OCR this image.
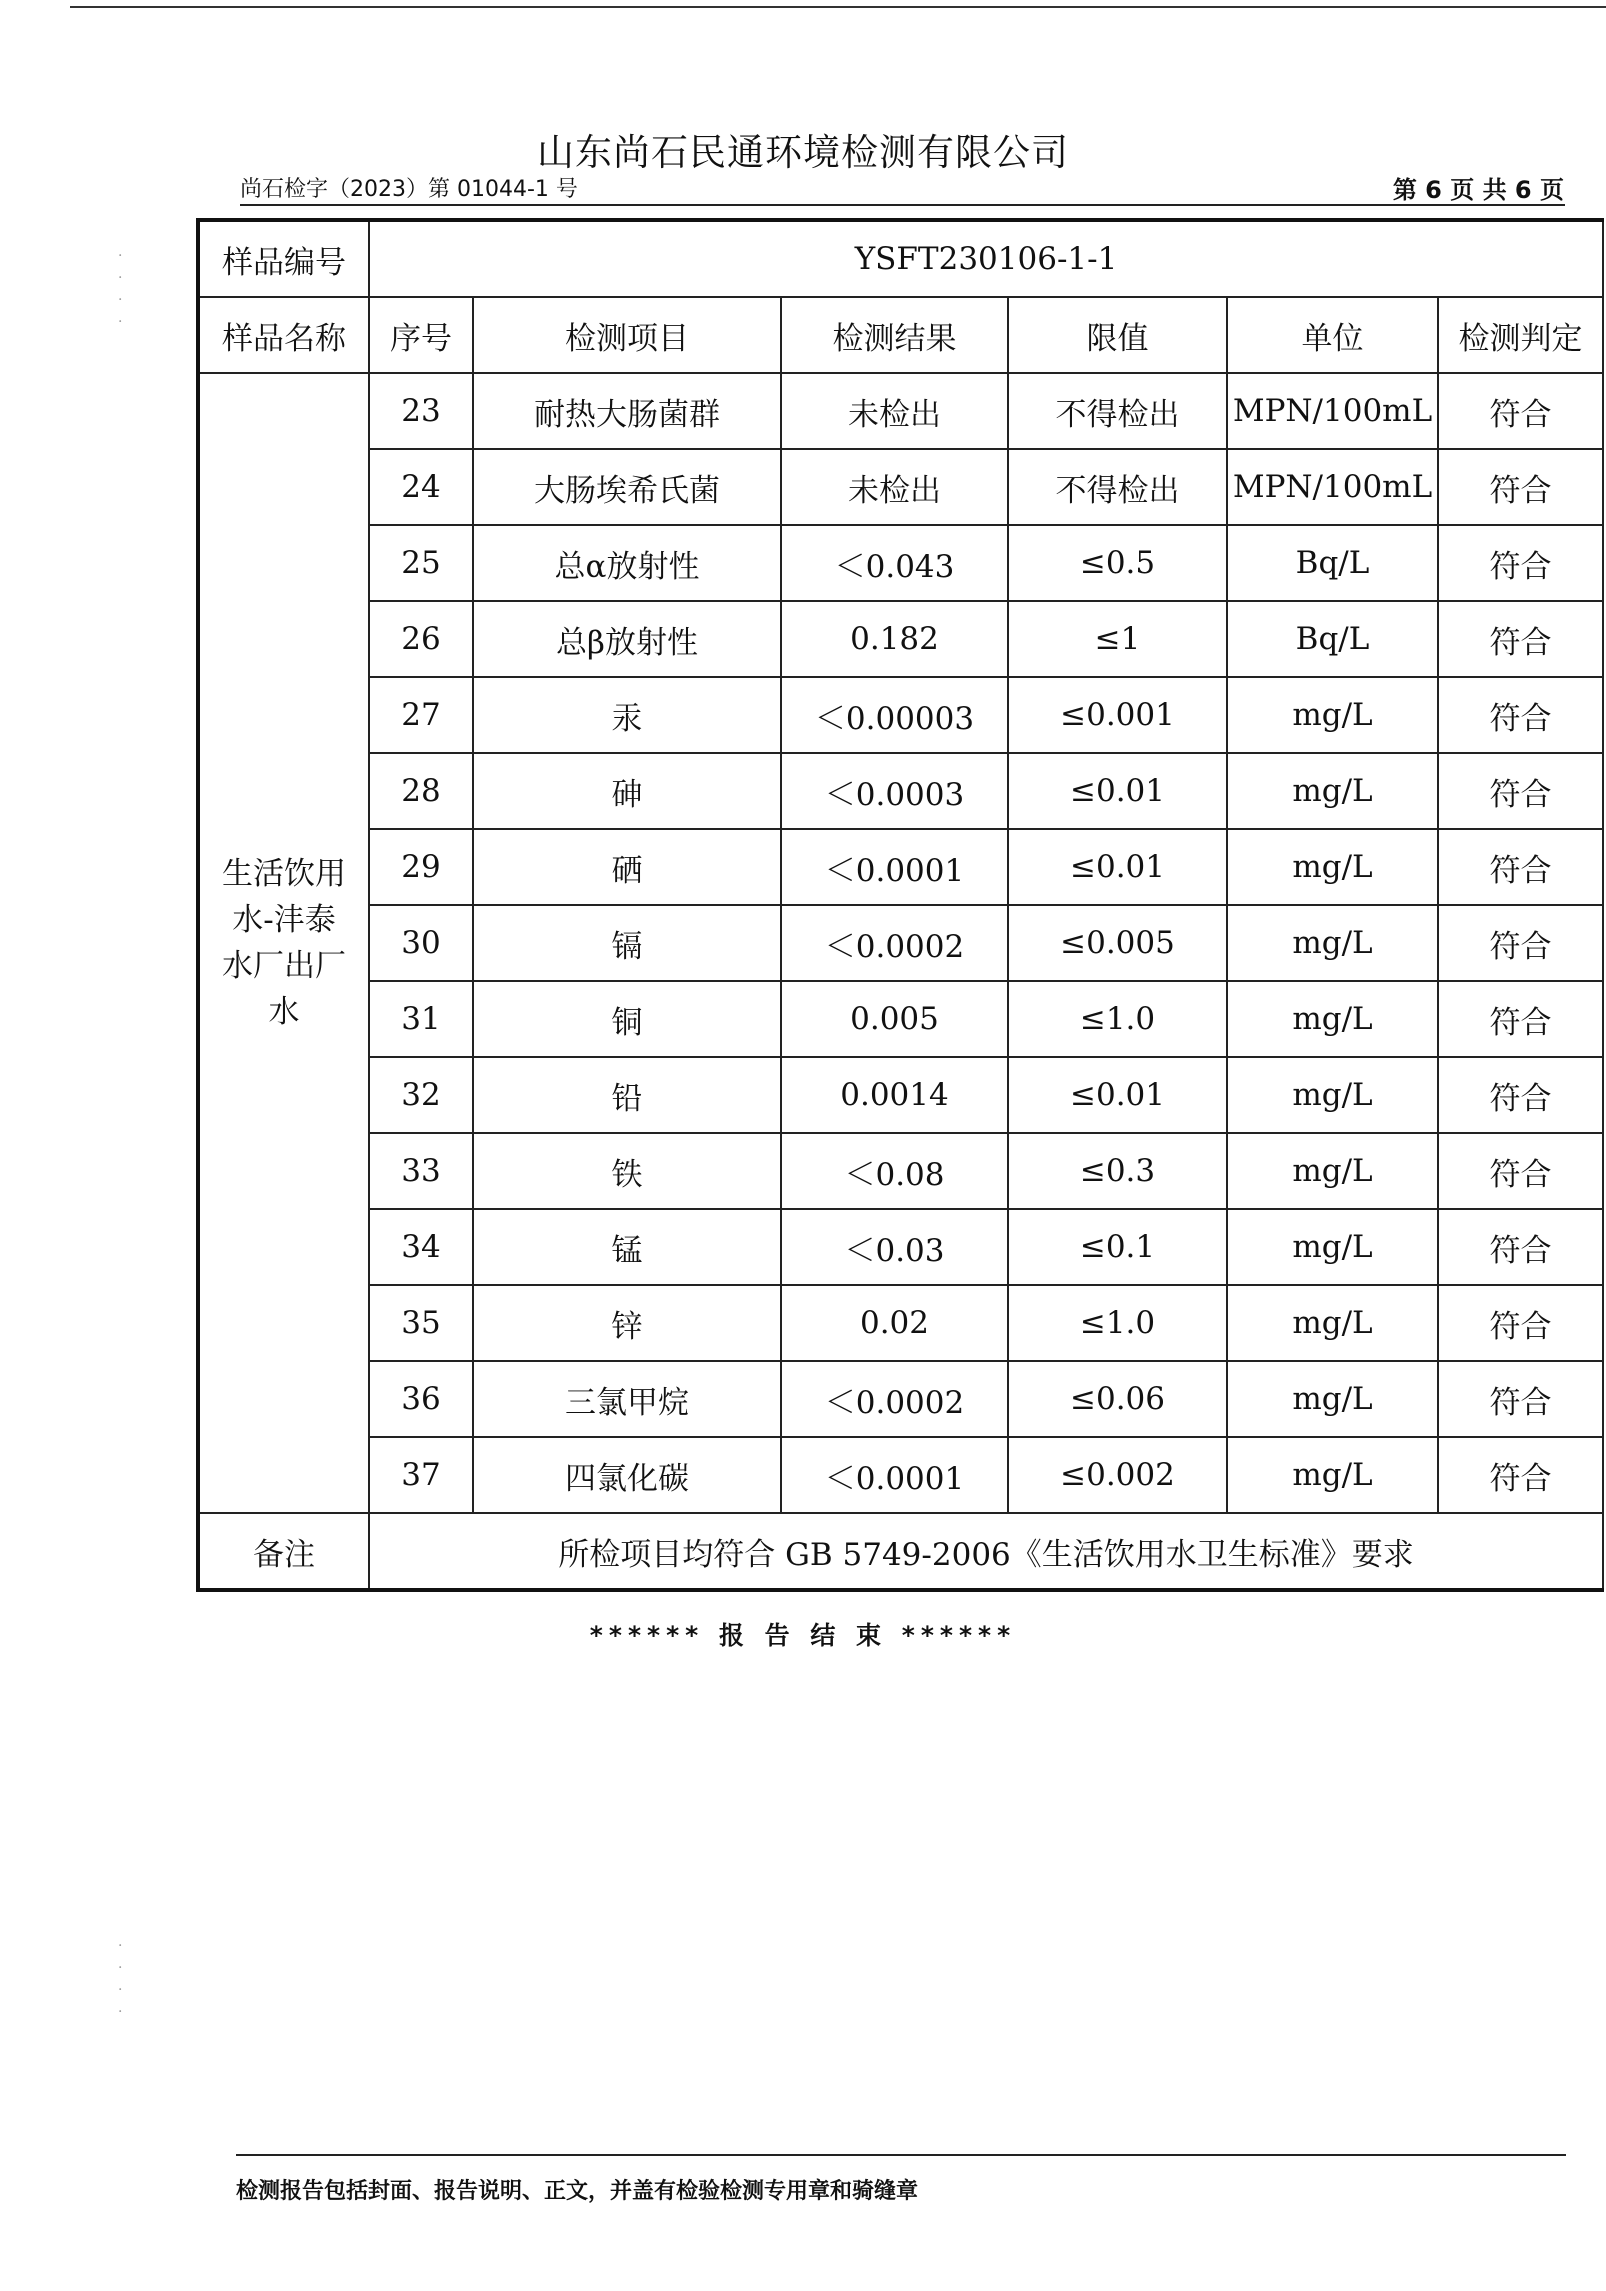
·
·
·
·
·
·
·
·
山东尚石民通环境检测有限公司
尚石检字（2023）第 01044-1 号	第 6 页 共 6 页
样品编号	YSFT230106-1-1					
样品名称	序号	检测项目	检测结果	限值	单位	检测判定

生活饮用
水-沣泰
水厂出厂
水	23	耐热大肠菌群	未检出	不得检出	MPN/100mL	符合
	24	大肠埃希氏菌	未检出	不得检出	MPN/100mL	符合
	25	总α放射性	＜0.043	≤0.5	Bq/L	符合
	26	总β放射性	0.182	≤1	Bq/L	符合
	27	汞	＜0.00003	≤0.001	mg/L	符合
	28	砷	＜0.0003	≤0.01	mg/L	符合
	29	硒	＜0.0001	≤0.01	mg/L	符合
	30	镉	＜0.0002	≤0.005	mg/L	符合
	31	铜	0.005	≤1.0	mg/L	符合
	32	铅	0.0014	≤0.01	mg/L	符合
	33	铁	＜0.08	≤0.3	mg/L	符合
	34	锰	＜0.03	≤0.1	mg/L	符合
	35	锌	0.02	≤1.0	mg/L	符合
	36	三氯甲烷	＜0.0002	≤0.06	mg/L	符合
	37	四氯化碳	＜0.0001	≤0.002	mg/L	符合
备注	所检项目均符合 GB 5749-2006《生活饮用水卫生标准》要求					
****** 报 告 结 束 ******
检测报告包括封面、报告说明、正文，并盖有检验检测专用章和骑缝章
